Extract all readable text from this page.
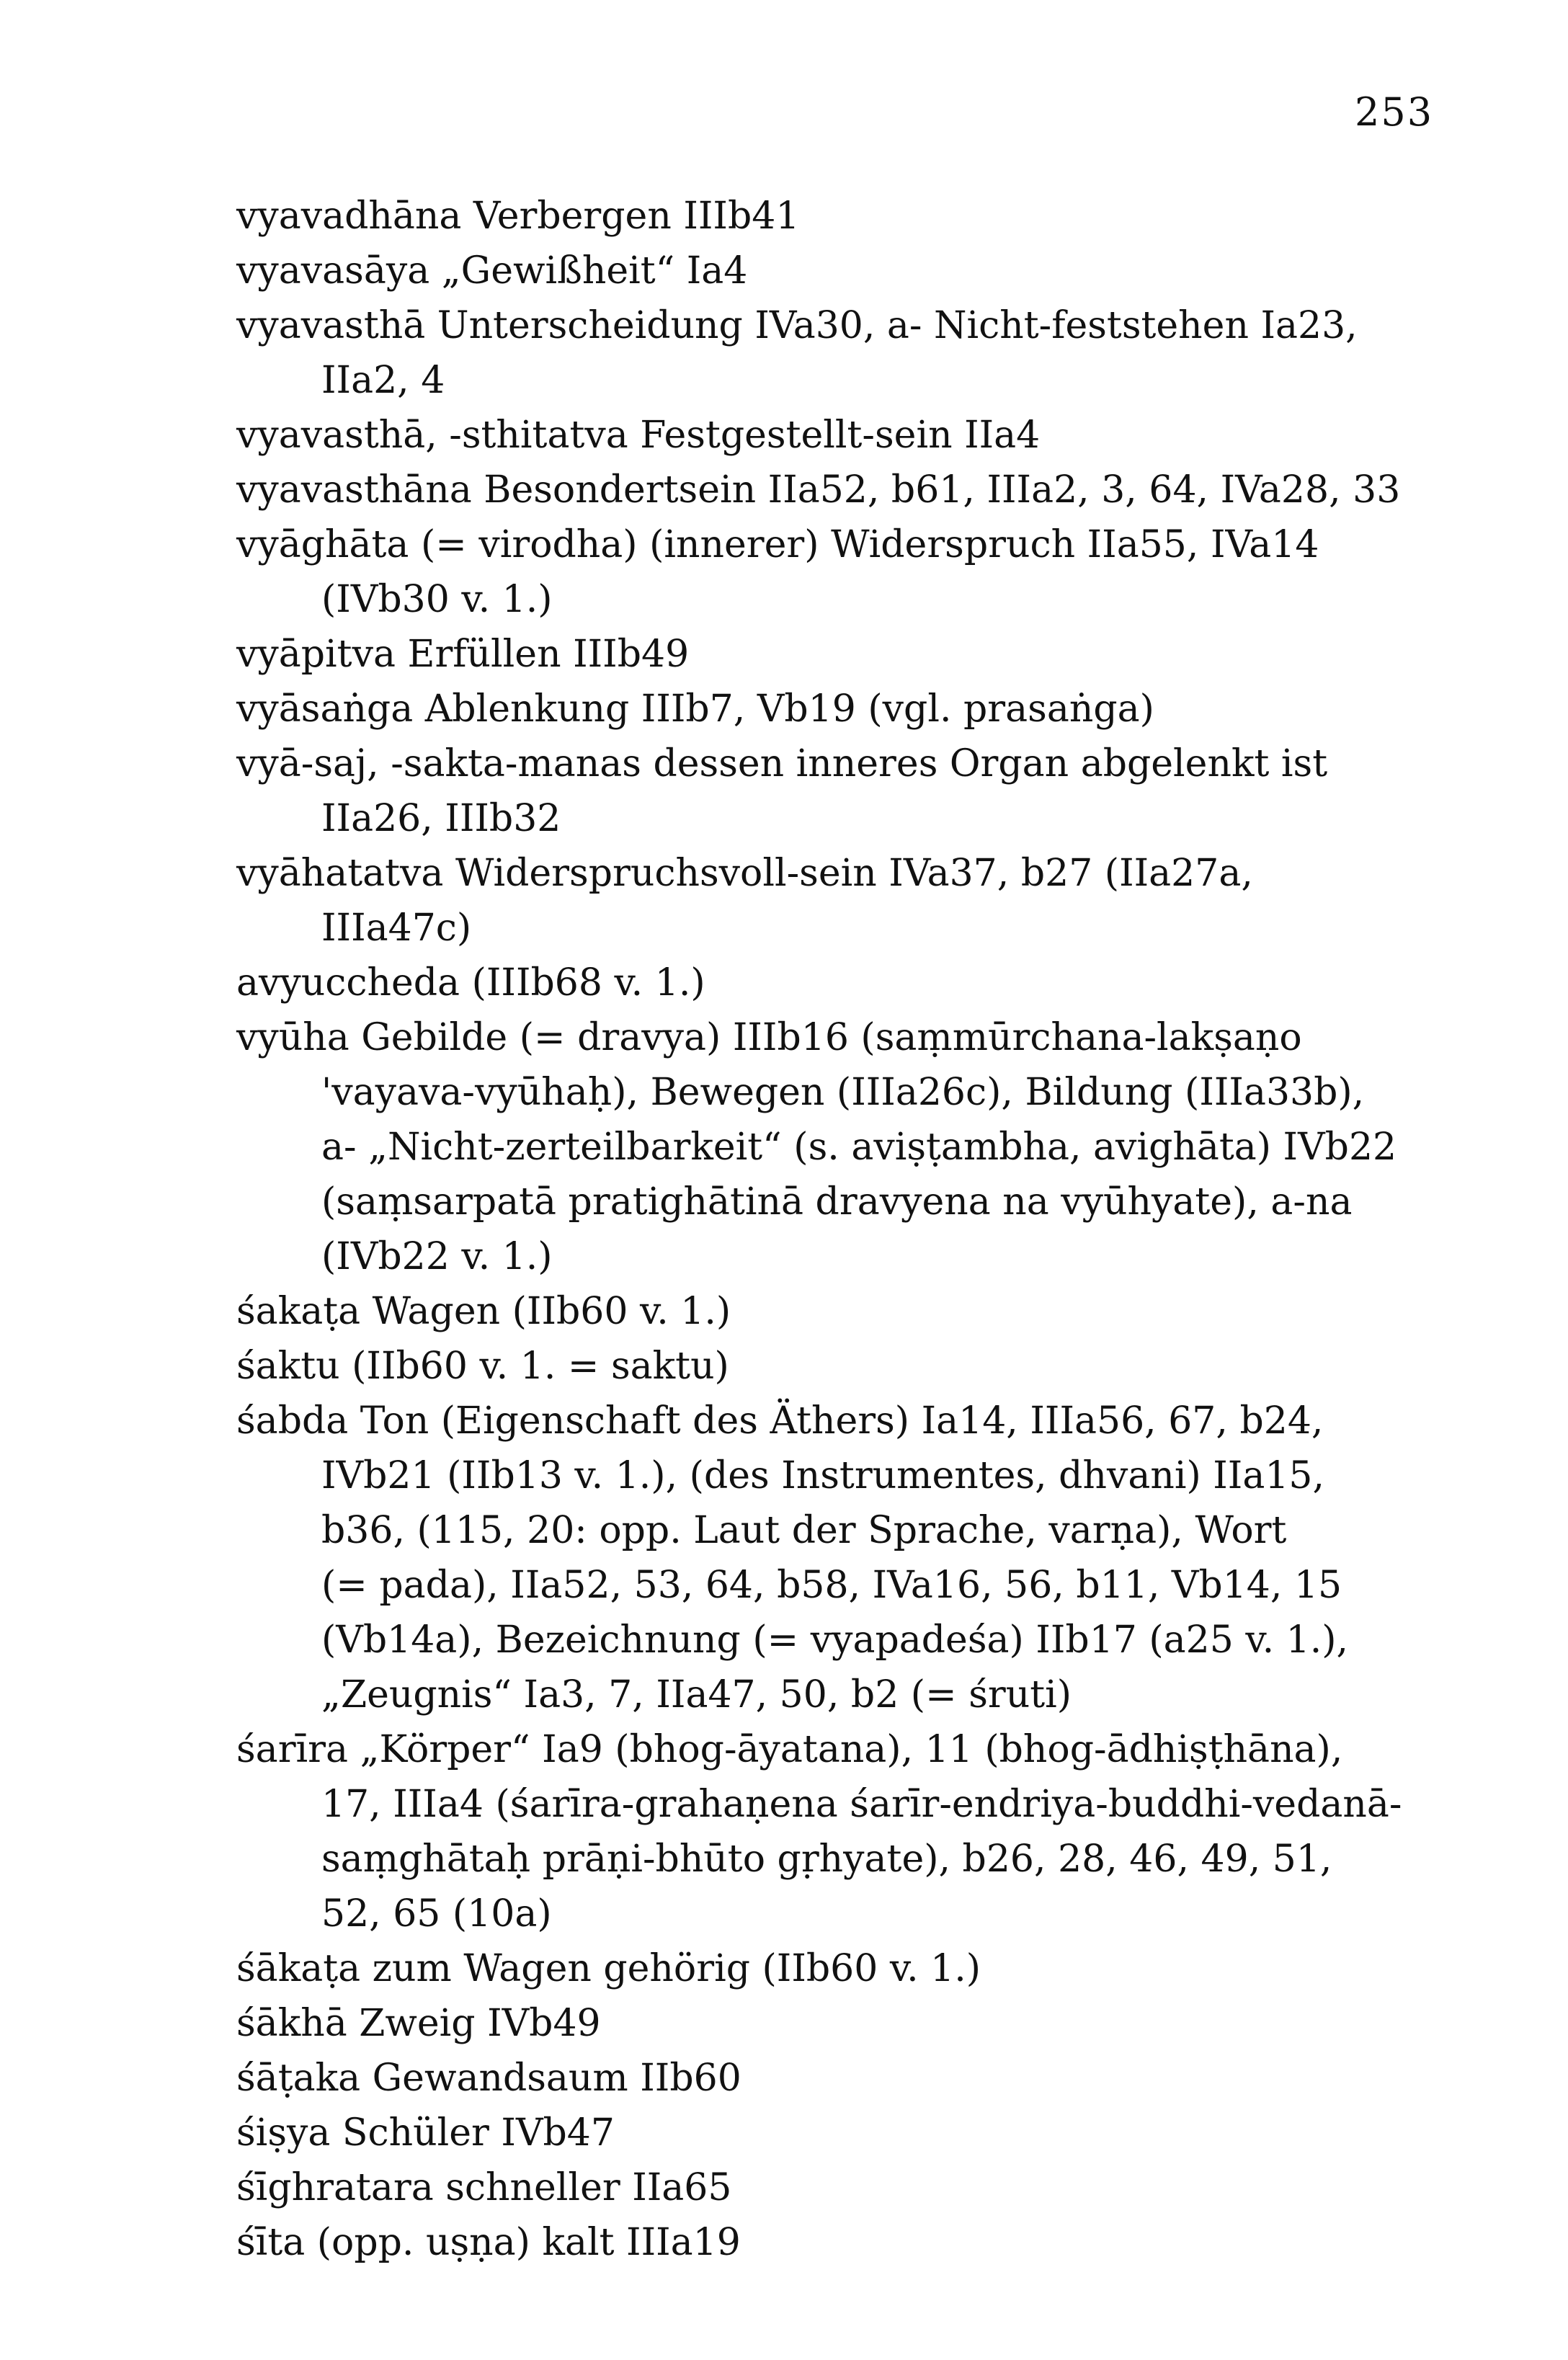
253
vyavadhāna Verbergen IIIb41
vyavasāya „Gewißheit“ Ia4
vyavasthā Unterscheidung IVa30, a- Nicht-feststehen Ia23,
IIa2, 4
vyavasthā, -sthitatva Festgestellt-sein IIa4
vyavasthāna Besondertsein IIa52, b61, IIIa2, 3, 64, IVa28, 33
vyāghāta (= virodha) (innerer) Widerspruch IIa55, IVa14
(IVb30 v. 1.)
vyāpitva Erfüllen IIIb49
vyāsaṅga Ablenkung IIIb7, Vb19 (vgl. prasaṅga)
vyā-saj, -sakta-manas dessen inneres Organ abgelenkt ist
IIa26, IIIb32
vyāhatatva Widerspruchsvoll-sein IVa37, b27 (IIa27a,
IIIa47c)
avyuccheda (IIIb68 v. 1.)
vyūha Gebilde (= dravya) IIIb16 (saṃmūrchana-lakṣaṇo
'vayava-vyūhaḥ), Bewegen (IIIa26c), Bildung (IIIa33b),
a- „Nicht-zerteilbarkeit“ (s. aviṣṭambha, avighāta) IVb22
(saṃsarpatā pratighātinā dravyena na vyūhyate), a-na
(IVb22 v. 1.)
śakaṭa Wagen (IIb60 v. 1.)
śaktu (IIb60 v. 1. = saktu)
śabda Ton (Eigenschaft des Äthers) Ia14, IIIa56, 67, b24,
IVb21 (IIb13 v. 1.), (des Instrumentes, dhvani) IIa15,
b36, (115, 20: opp. Laut der Sprache, varṇa), Wort
(= pada), IIa52, 53, 64, b58, IVa16, 56, b11, Vb14, 15
(Vb14a), Bezeichnung (= vyapadeśa) IIb17 (a25 v. 1.),
„Zeugnis“ Ia3, 7, IIa47, 50, b2 (= śruti)
śarīra „Körper“ Ia9 (bhog-āyatana), 11 (bhog-ādhiṣṭhāna),
17, IIIa4 (śarīra-grahaṇena śarīr-endriya-buddhi-vedanā-
saṃghātaḥ prāṇi-bhūto gṛhyate), b26, 28, 46, 49, 51,
52, 65 (10a)
śākaṭa zum Wagen gehörig (IIb60 v. 1.)
śākhā Zweig IVb49
śāṭaka Gewandsaum IIb60
śiṣya Schüler IVb47
śīghratara schneller IIa65
śīta (opp. uṣṇa) kalt IIIa19
